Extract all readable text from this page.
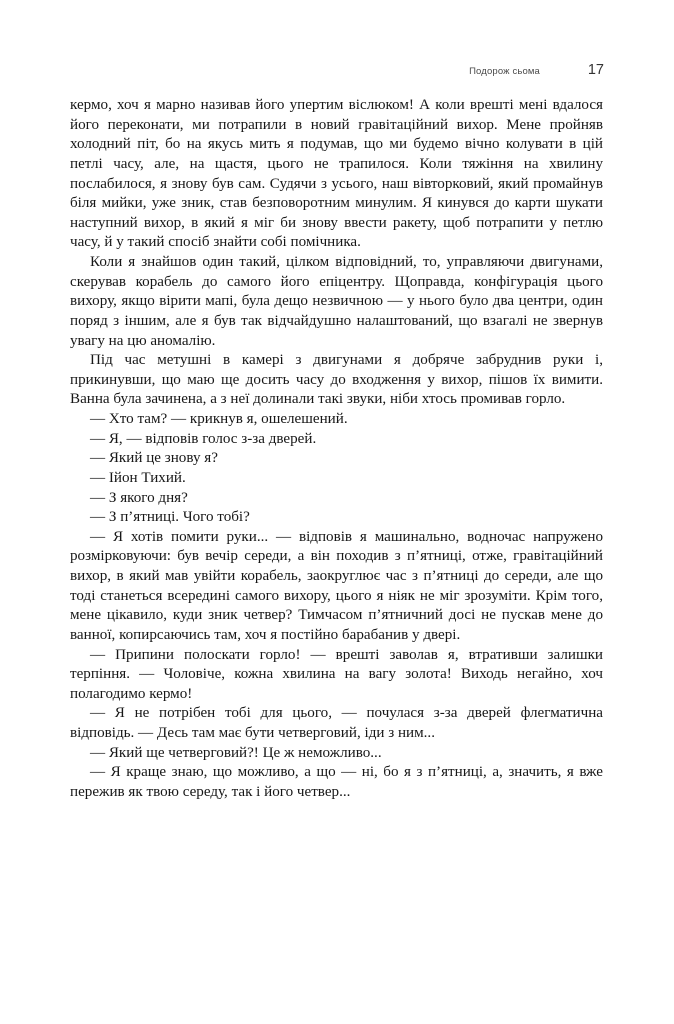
Подорож сьома	17

кермо, хоч я марно називав його упертим віслюком! А коли врешті мені вдалося його переконати, ми потрапили в новий гравітаційний вихор. Мене пройняв холодний піт, бо на якусь мить я подумав, що ми будемо вічно колувати в цій петлі часу, але, на щастя, цього не трапилося. Коли тяжіння на хвилину послабилося, я знову був сам. Судячи з усього, наш вівторковий, який промайнув біля мийки, уже зник, став безповоротним минулим. Я кинувся до карти шукати наступний вихор, в який я міг би знову ввести ракету, щоб потрапити у петлю часу, й у такий спосіб знайти собі помічника.

Коли я знайшов один такий, цілком відповідний, то, управляючи двигунами, скерував корабель до самого його епіцентру. Щоправда, конфігурація цього вихору, якщо вірити мапі, була дещо незвичною — у нього було два центри, один поряд з іншим, але я був так відчайдушно налаштований, що взагалі не звернув увагу на цю аномалію.

Під час метушні в камері з двигунами я добряче забруднив руки і, прикинувши, що маю ще досить часу до входження у вихор, пішов їх вимити. Ванна була зачинена, а з неї долинали такі звуки, ніби хтось промивав горло.

— Хто там? — крикнув я, ошелешений.

— Я, — відповів голос з-за дверей.

— Який це знову я?

— Ійон Тихий.

— З якого дня?

— З п’ятниці. Чого тобі?

— Я хотів помити руки... — відповів я машинально, водночас напружено розмірковуючи: був вечір середи, а він походив з п’ятниці, отже, гравітаційний вихор, в який мав увійти корабель, заокруглює час з п’ятниці до середи, але що тоді станеться всередині самого вихору, цього я ніяк не міг зрозуміти. Крім того, мене цікавило, куди зник четвер? Тимчасом п’ятничний досі не пускав мене до ванної, копирсаючись там, хоч я постійно барабанив у двері.

— Припини полоскати горло! — врешті заволав я, втративши залишки терпіння. — Чоловіче, кожна хвилина на вагу золота! Виходь негайно, хоч полагодимо кермо!

— Я не потрібен тобі для цього, — почулася з-за дверей флегматична відповідь. — Десь там має бути четверговий, іди з ним...

— Який ще четверговий?! Це ж неможливо...

— Я краще знаю, що можливо, а що — ні, бо я з п’ятниці, а, значить, я вже пережив як твою середу, так і його четвер...
